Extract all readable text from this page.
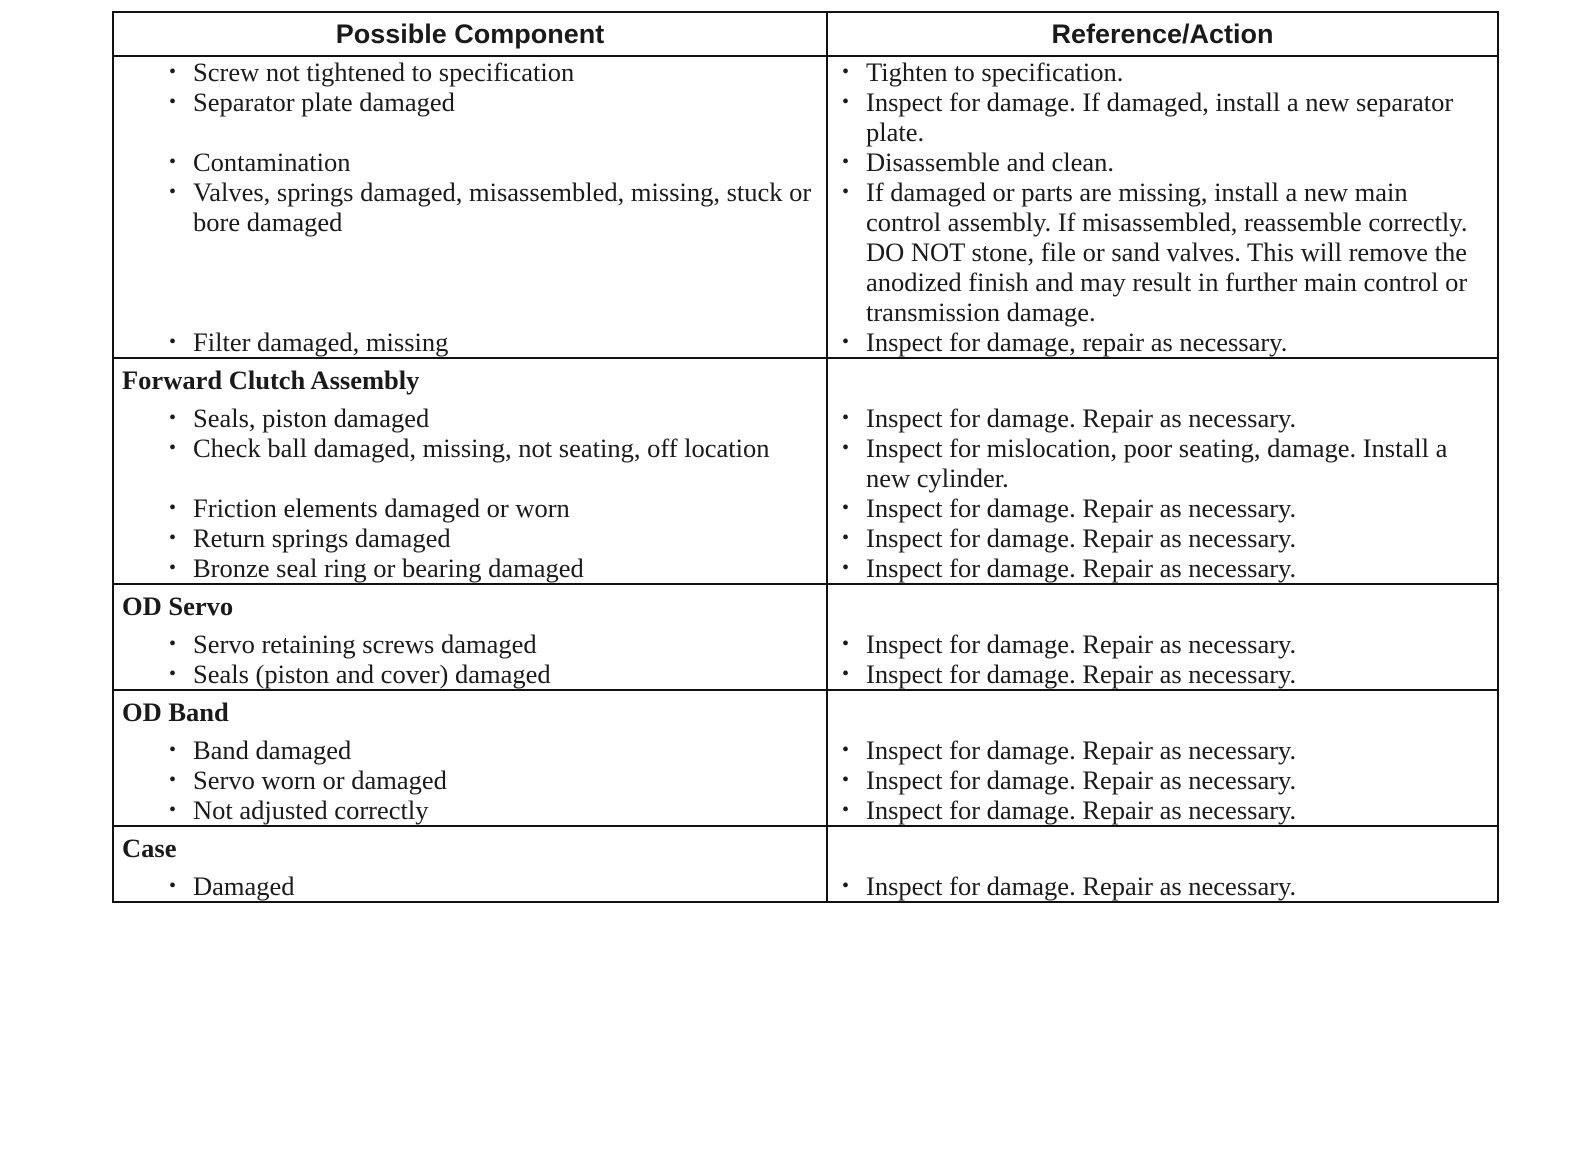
Possible Component	Reference/Action

• Screw not tightened to specification	• Tighten to specification.

• Separator plate damaged	• Inspect for damage. If damaged, install a new separator plate.

• Contamination	• Disassemble and clean.

• Valves, springs damaged, misassembled, missing, stuck or bore damaged	• If damaged or parts are missing, install a new main control assembly. If misassembled, reassemble correctly. DO NOT stone, file or sand valves. This will remove the anodized finish and may result in further main control or transmission damage.

• Filter damaged, missing	• Inspect for damage, repair as necessary.

Forward Clutch Assembly	

• Seals, piston damaged	• Inspect for damage. Repair as necessary.

• Check ball damaged, missing, not seating, off location	• Inspect for mislocation, poor seating, damage. Install a new cylinder.

• Friction elements damaged or worn	• Inspect for damage. Repair as necessary.

• Return springs damaged	• Inspect for damage. Repair as necessary.

• Bronze seal ring or bearing damaged	• Inspect for damage. Repair as necessary.

OD Servo	

• Servo retaining screws damaged	• Inspect for damage. Repair as necessary.

• Seals (piston and cover) damaged	• Inspect for damage. Repair as necessary.

OD Band	

• Band damaged	• Inspect for damage. Repair as necessary.

• Servo worn or damaged	• Inspect for damage. Repair as necessary.

• Not adjusted correctly	• Inspect for damage. Repair as necessary.

Case	

• Damaged	• Inspect for damage. Repair as necessary.
